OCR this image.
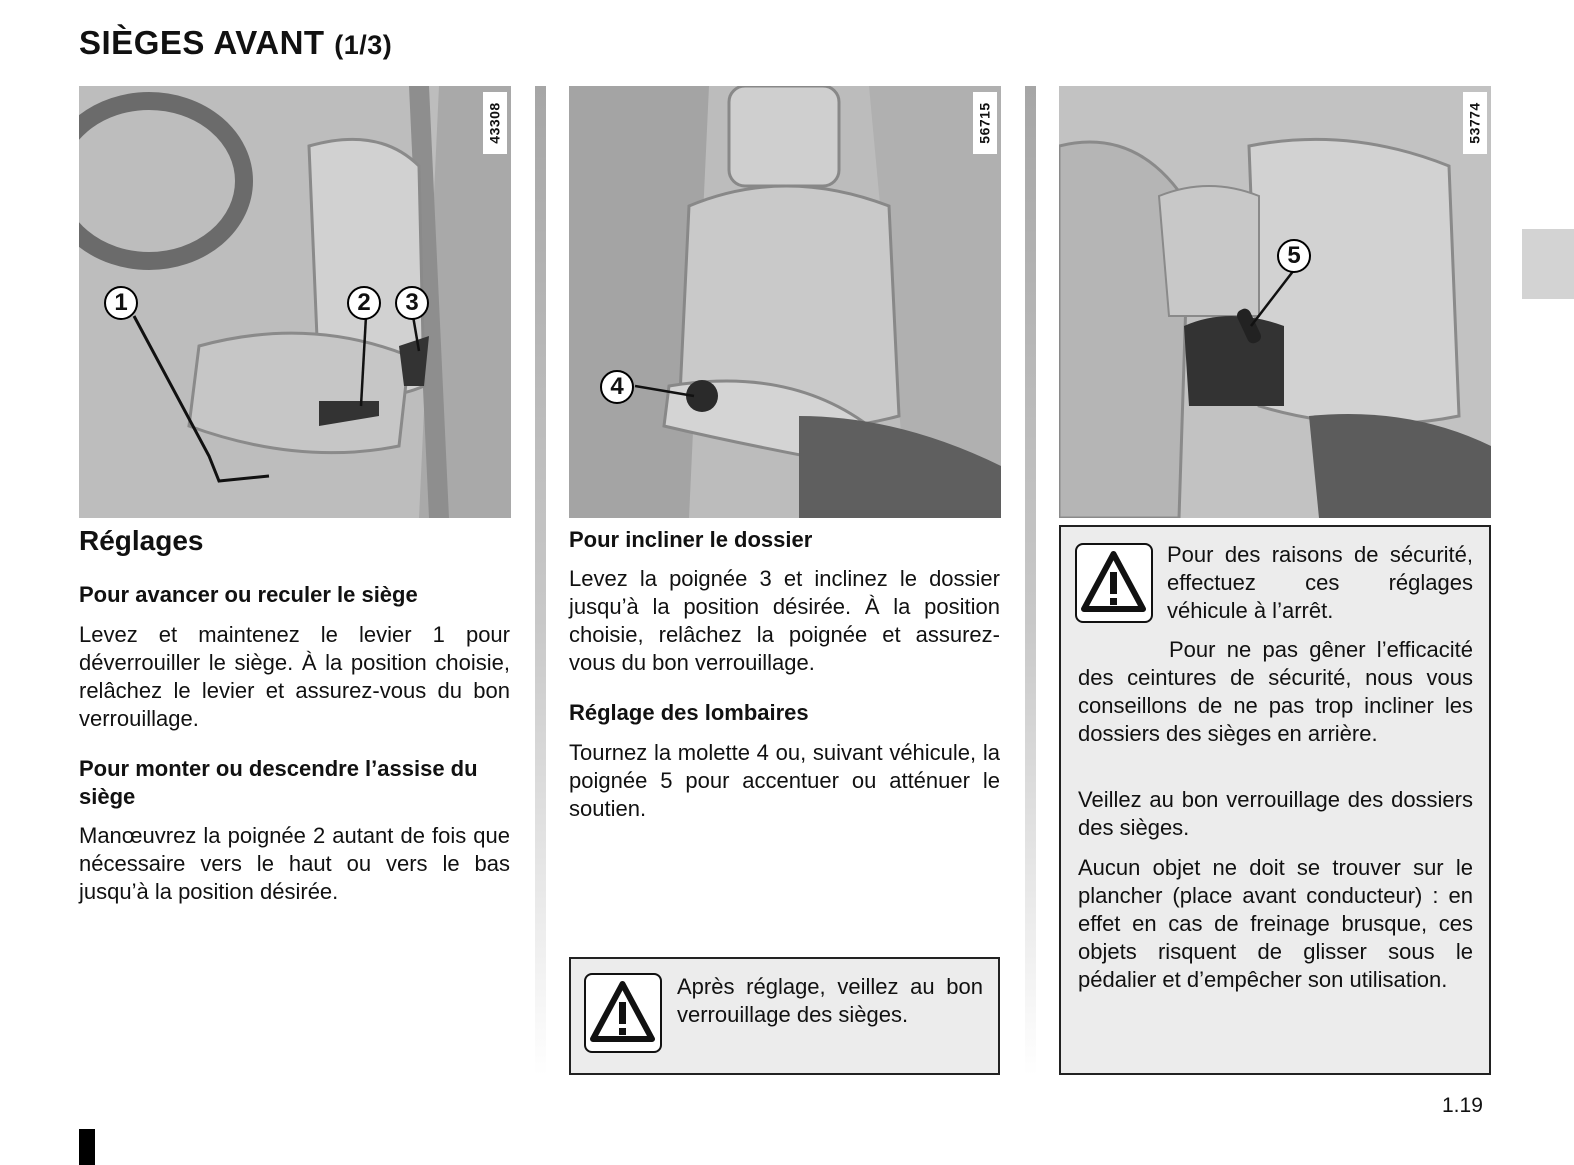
SIÈGES AVANT (1/3)
43308
1	2	3
56715
4
53774
5
Réglages
Pour avancer ou reculer le siège
Levez et maintenez le levier 1 pour déverrouiller le siège. À la position choisie, relâchez le levier et assurez-vous du bon verrouillage.
Pour monter ou descendre l’assise du siège
Manœuvrez la poignée 2 autant de fois que nécessaire vers le haut ou vers le bas jusqu’à la position désirée.
Pour incliner le dossier
Levez la poignée 3 et inclinez le dossier jusqu’à la position désirée. À la position choisie, relâchez la poignée et assurez-vous du bon verrouillage.
Réglage des lombaires
Tournez la molette 4 ou, suivant véhicule, la poignée 5 pour accentuer ou atténuer le soutien.
Après réglage, veillez au bon verrouillage des sièges.
Pour des raisons de sécurité, effectuez ces réglages véhicule à l’arrêt.
Pour ne pas gêner l’efficacité des ceintures de sécurité, nous vous conseillons de ne pas trop incliner les dossiers des sièges en arrière.
Veillez au bon verrouillage des dossiers des sièges.
Aucun objet ne doit se trouver sur le plancher (place avant conducteur) : en effet en cas de freinage brusque, ces objets risquent de glisser sous le pédalier et d’empêcher son utilisation.
1.19
